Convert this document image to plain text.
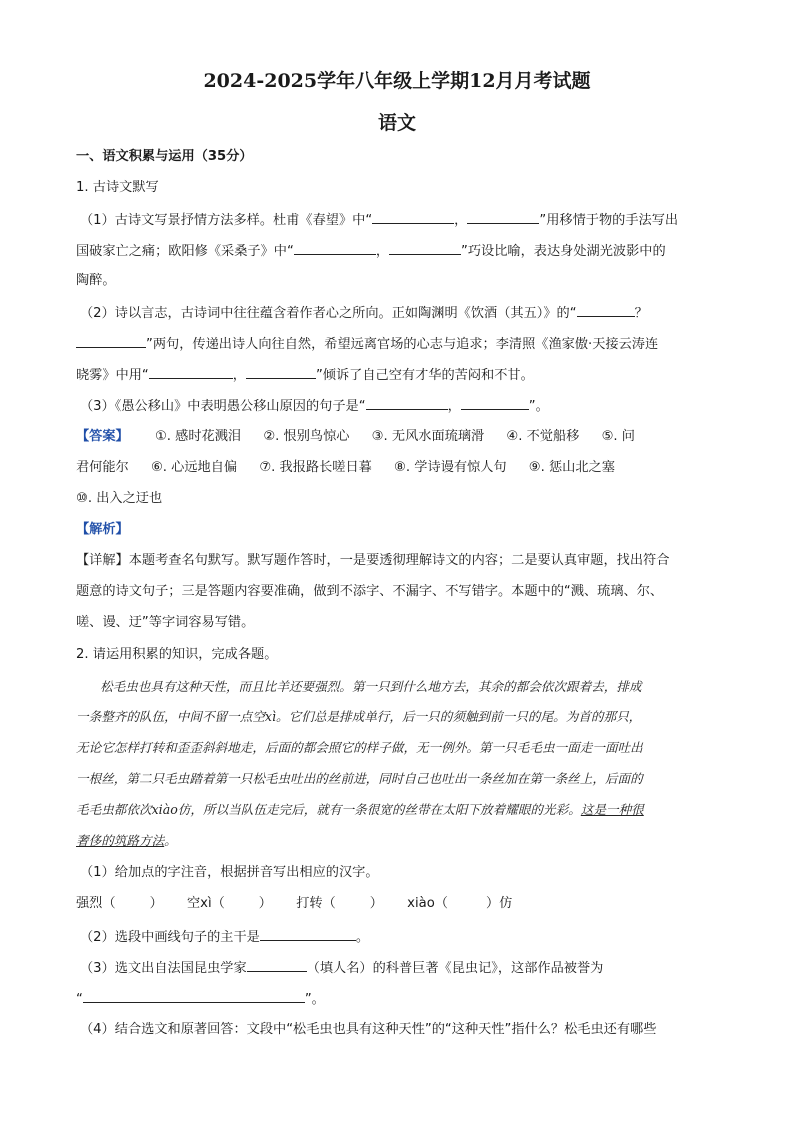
2024-2025学年八年级上学期12月月考试题
语文
一、语文积累与运用（35分）
1. 古诗文默写
（1）古诗文写景抒情方法多样。杜甫《春望》中“	，	”用移情于物的手法写出
国破家亡之痛；欧阳修《采桑子》中“	，	”巧设比喻，表达身处湖光波影中的
陶醉。
（2）诗以言志，古诗词中往往蕴含着作者心之所向。正如陶渊明《饮酒（其五）》的“	？
”两句，传递出诗人向往自然，希望远离官场的心志与追求；李清照《渔家傲·天接云涛连
晓雾》中用“	，	”倾诉了自己空有才华的苦闷和不甘。
（3）《愚公移山》中表明愚公移山原因的句子是“	，	”。
【答案】 ①. 感时花溅泪 ②. 恨别鸟惊心 ③. 无风水面琉璃滑 ④. 不觉船移 ⑤. 问
君何能尔 ⑥. 心远地自偏 ⑦. 我报路长嗟日暮 ⑧. 学诗谩有惊人句 ⑨. 惩山北之塞
⑩. 出入之迂也
【解析】
【详解】本题考查名句默写。默写题作答时，一是要透彻理解诗文的内容；二是要认真审题，找出符合
题意的诗文句子；三是答题内容要准确，做到不添字、不漏字、不写错字。本题中的“溅、琉璃、尔、
嗟、谩、迂”等字词容易写错。
2. 请运用积累的知识，完成各题。
松毛虫也具有这种天性，而且比羊还要强烈。第一只到什么地方去，其余的都会依次跟着去，排成
一条整齐的队伍，中间不留一点空xì。它们总是排成单行，后一只的须触到前一只的尾。为首的那只，
无论它怎样打转和歪歪斜斜地走，后面的都会照它的样子做，无一例外。第一只毛毛虫一面走一面吐出
一根丝，第二只毛虫踏着第一只松毛虫吐出的丝前进，同时自己也吐出一条丝加在第一条丝上，后面的
毛毛虫都依次xiào仿，所以当队伍走完后，就有一条很宽的丝带在太阳下放着耀眼的光彩。这是一种很
奢侈的筑路方法。
（1）给加点的字注音，根据拼音写出相应的汉字。
强烈（	） 空xì（	） 打转（	） xiào（	）仿
（2）选段中画线句子的主干是	。
（3）选文出自法国昆虫学家	（填人名）的科普巨著《昆虫记》，这部作品被誉为
“	”。
（4）结合选文和原著回答：文段中“松毛虫也具有这种天性”的“这种天性”指什么？松毛虫还有哪些
